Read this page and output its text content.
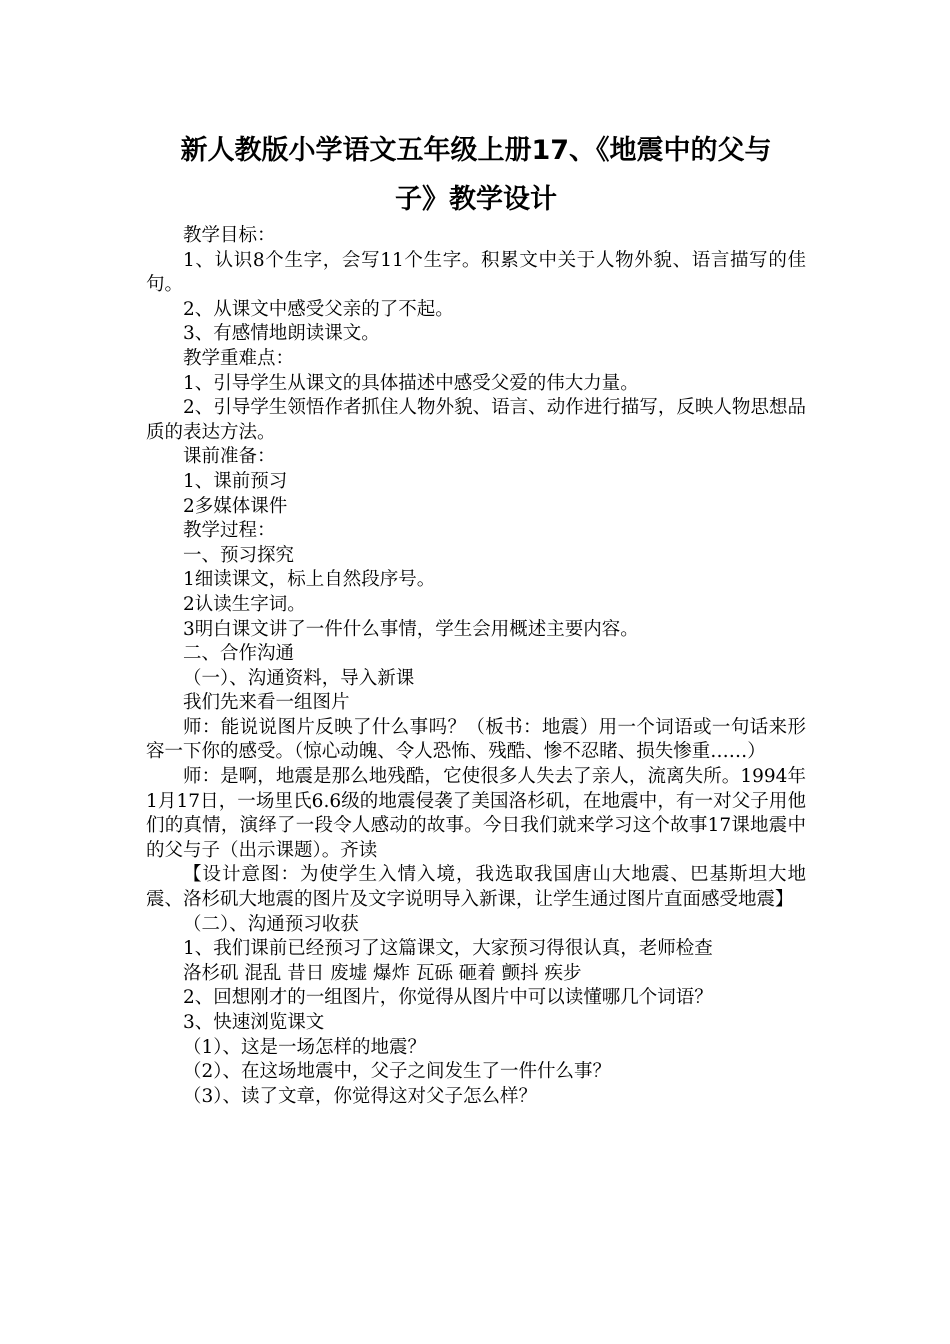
新人教版小学语文五年级上册17、《地震中的父与
子》教学设计

教学目标：

1、认识8个生字，会写11个生字。积累文中关于人物外貌、语言描写的佳句。

2、从课文中感受父亲的了不起。

3、有感情地朗读课文。

教学重难点：

1、引导学生从课文的具体描述中感受父爱的伟大力量。

2、引导学生领悟作者抓住人物外貌、语言、动作进行描写，反映人物思想品质的表达方法。

课前准备：

1、课前预习

2多媒体课件

教学过程：

一、预习探究

1细读课文，标上自然段序号。

2认读生字词。

3明白课文讲了一件什么事情，学生会用概述主要内容。

二、合作沟通

（一）、沟通资料，导入新课

我们先来看一组图片

师：能说说图片反映了什么事吗？（板书：地震）用一个词语或一句话来形容一下你的感受。（惊心动魄、令人恐怖、残酷、惨不忍睹、损失惨重……）

师：是啊，地震是那么地残酷，它使很多人失去了亲人，流离失所。1994年1月17日，一场里氏6.6级的地震侵袭了美国洛杉矶，在地震中，有一对父子用他们的真情，演绎了一段令人感动的故事。今日我们就来学习这个故事17课地震中的父与子（出示课题）。齐读

【设计意图：为使学生入情入境，我选取我国唐山大地震、巴基斯坦大地震、洛杉矶大地震的图片及文字说明导入新课，让学生通过图片直面感受地震】

（二）、沟通预习收获

1、我们课前已经预习了这篇课文，大家预习得很认真，老师检查

洛杉矶 混乱 昔日 废墟 爆炸 瓦砾 砸着 颤抖 疾步

2、回想刚才的一组图片，你觉得从图片中可以读懂哪几个词语？

3、快速浏览课文

（1）、这是一场怎样的地震？

（2）、在这场地震中，父子之间发生了一件什么事？

（3）、读了文章，你觉得这对父子怎么样？
